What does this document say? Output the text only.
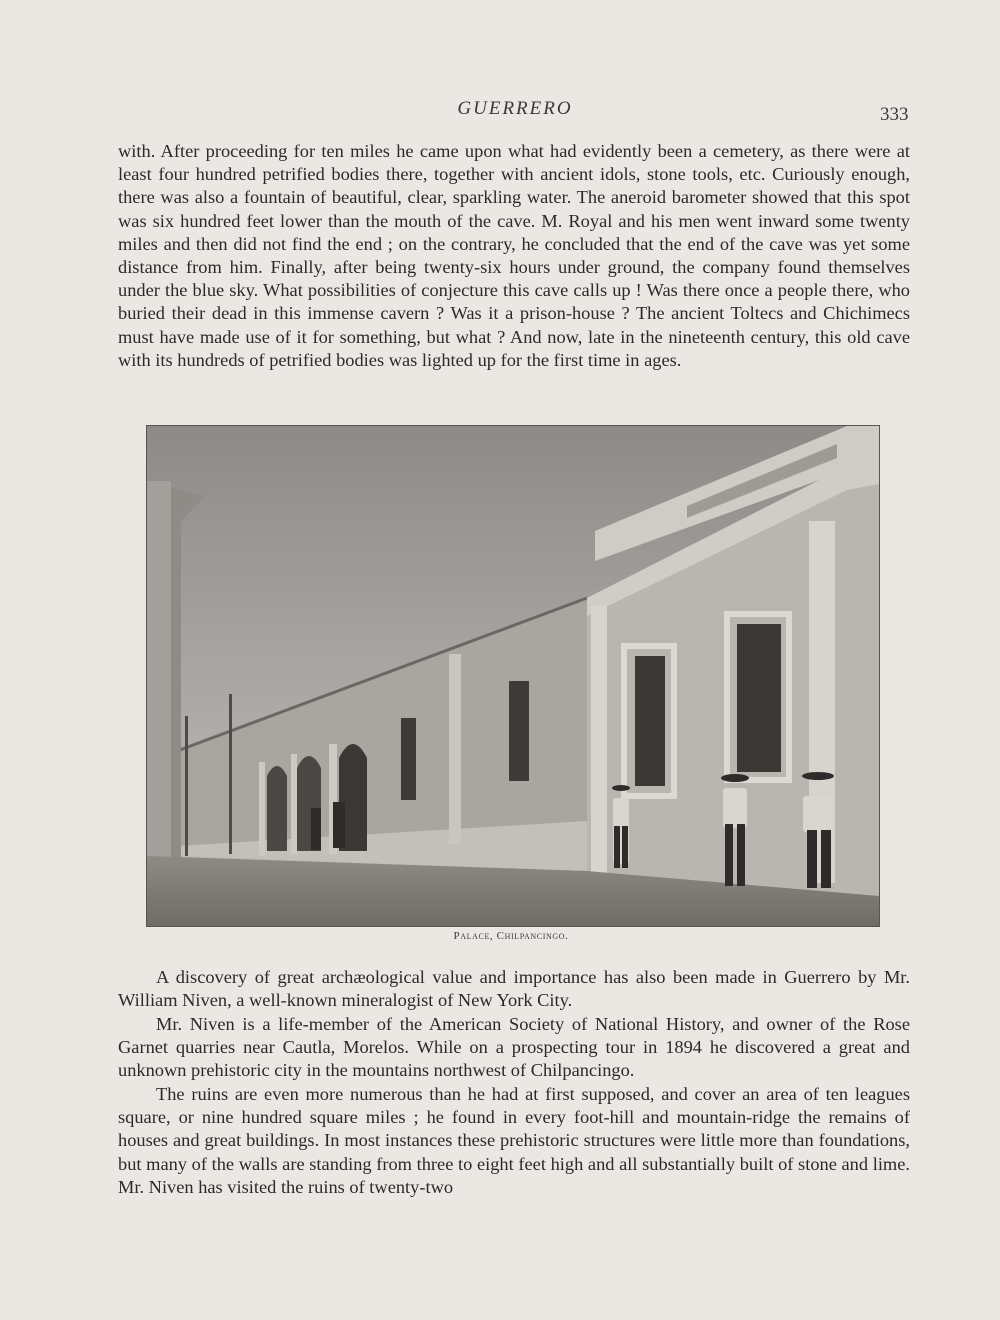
GUERRERO	333

with. After proceeding for ten miles he came upon what had evidently been a cemetery, as there were at least four hundred petrified bodies there, together with ancient idols, stone tools, etc. Curiously enough, there was also a fountain of beautiful, clear, sparkling water. The aneroid barometer showed that this spot was six hundred feet lower than the mouth of the cave. M. Royal and his men went inward some twenty miles and then did not find the end ; on the contrary, he concluded that the end of the cave was yet some distance from him. Finally, after being twenty-six hours under ground, the company found themselves under the blue sky. What possibilities of conjecture this cave calls up ! Was there once a people there, who buried their dead in this immense cavern ? Was it a prison-house ? The ancient Toltecs and Chichimecs must have made use of it for something, but what ? And now, late in the nineteenth century, this old cave with its hundreds of petrified bodies was lighted up for the first time in ages.

Palace, Chilpancingo.

A discovery of great archæological value and importance has also been made in Guerrero by Mr. William Niven, a well-known mineralogist of New York City.

Mr. Niven is a life-member of the American Society of National History, and owner of the Rose Garnet quarries near Cautla, Morelos. While on a prospecting tour in 1894 he discovered a great and unknown prehistoric city in the mountains northwest of Chilpancingo.

The ruins are even more numerous than he had at first supposed, and cover an area of ten leagues square, or nine hundred square miles ; he found in every foot-hill and mountain-ridge the remains of houses and great buildings. In most instances these prehistoric structures were little more than foundations, but many of the walls are standing from three to eight feet high and all substantially built of stone and lime. Mr. Niven has visited the ruins of twenty-two
